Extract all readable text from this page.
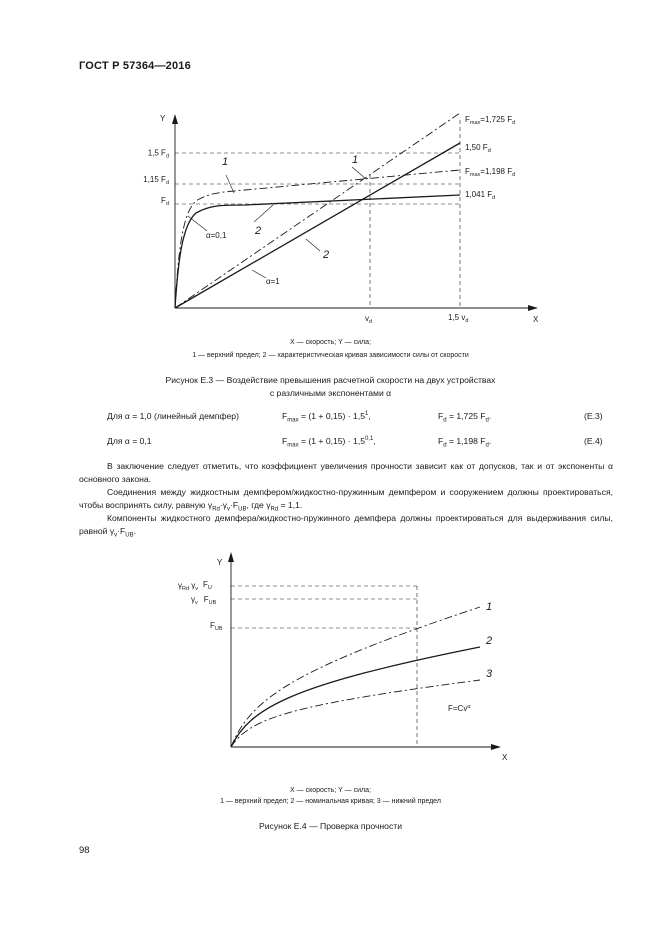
ГОСТ Р 57364—2016
Y
X
1,5 $F_d$
1,15 $F_d$
$F_d$
$v_d$	1,5 $v_d$
$F_{max}=1,725$ $F_d$
1,50 $F_d$
$F_{max}=1,198$ $F_d$
1,041 $F_d$
1	1
2
2
α=0,1
α=1
X — скорость; Y — сила;
1 — верхний предел; 2 — характеристическая кривая зависимости силы от скорости
Рисунок Е.3 — Воздействие превышения расчетной скорости на двух устройствах
с различными экспонентами α
Для α = 1,0 (линейный демпфер)	$F_{max} = (1 + 0,15) \cdot 1,5^1$,	$F_d = 1,725$ $F_d$.	(Е.3)
Для α = 0,1	$F_{max} = (1 + 0,15) \cdot 1,5^{0,1}$,	$F_d = 1,198$ $F_d$.	(Е.4)
В заключение следует отметить, что коэффициент увеличения прочности зависит как от допусков, так и от экспоненты α основного закона.
Соединения между жидкостным демпфером/жидкостно-пружинным демпфером и сооружением должны проектироваться, чтобы воспринять силу, равную $\gamma_{Rd}\cdot\gamma_v\cdot F_{UB}$, где $\gamma_{Rd} = 1,1$.
Компоненты жидкостного демпфера/жидкостно-пружинного демпфера должны проектироваться для выдерживания силы, равной $\gamma_v\cdot F_{UB}$.
Y
X
$\gamma_{Rd}$ $\gamma_v$ $F_U$
$\gamma_v$ $F_{UB}$
$F_{UB}$
1
2
3
$F=Cv^\alpha$
X — скорость; Y — сила;
1 — верхний предел; 2 — номинальная кривая; 3 — нижний предел
Рисунок Е.4 — Проверка прочности
98
